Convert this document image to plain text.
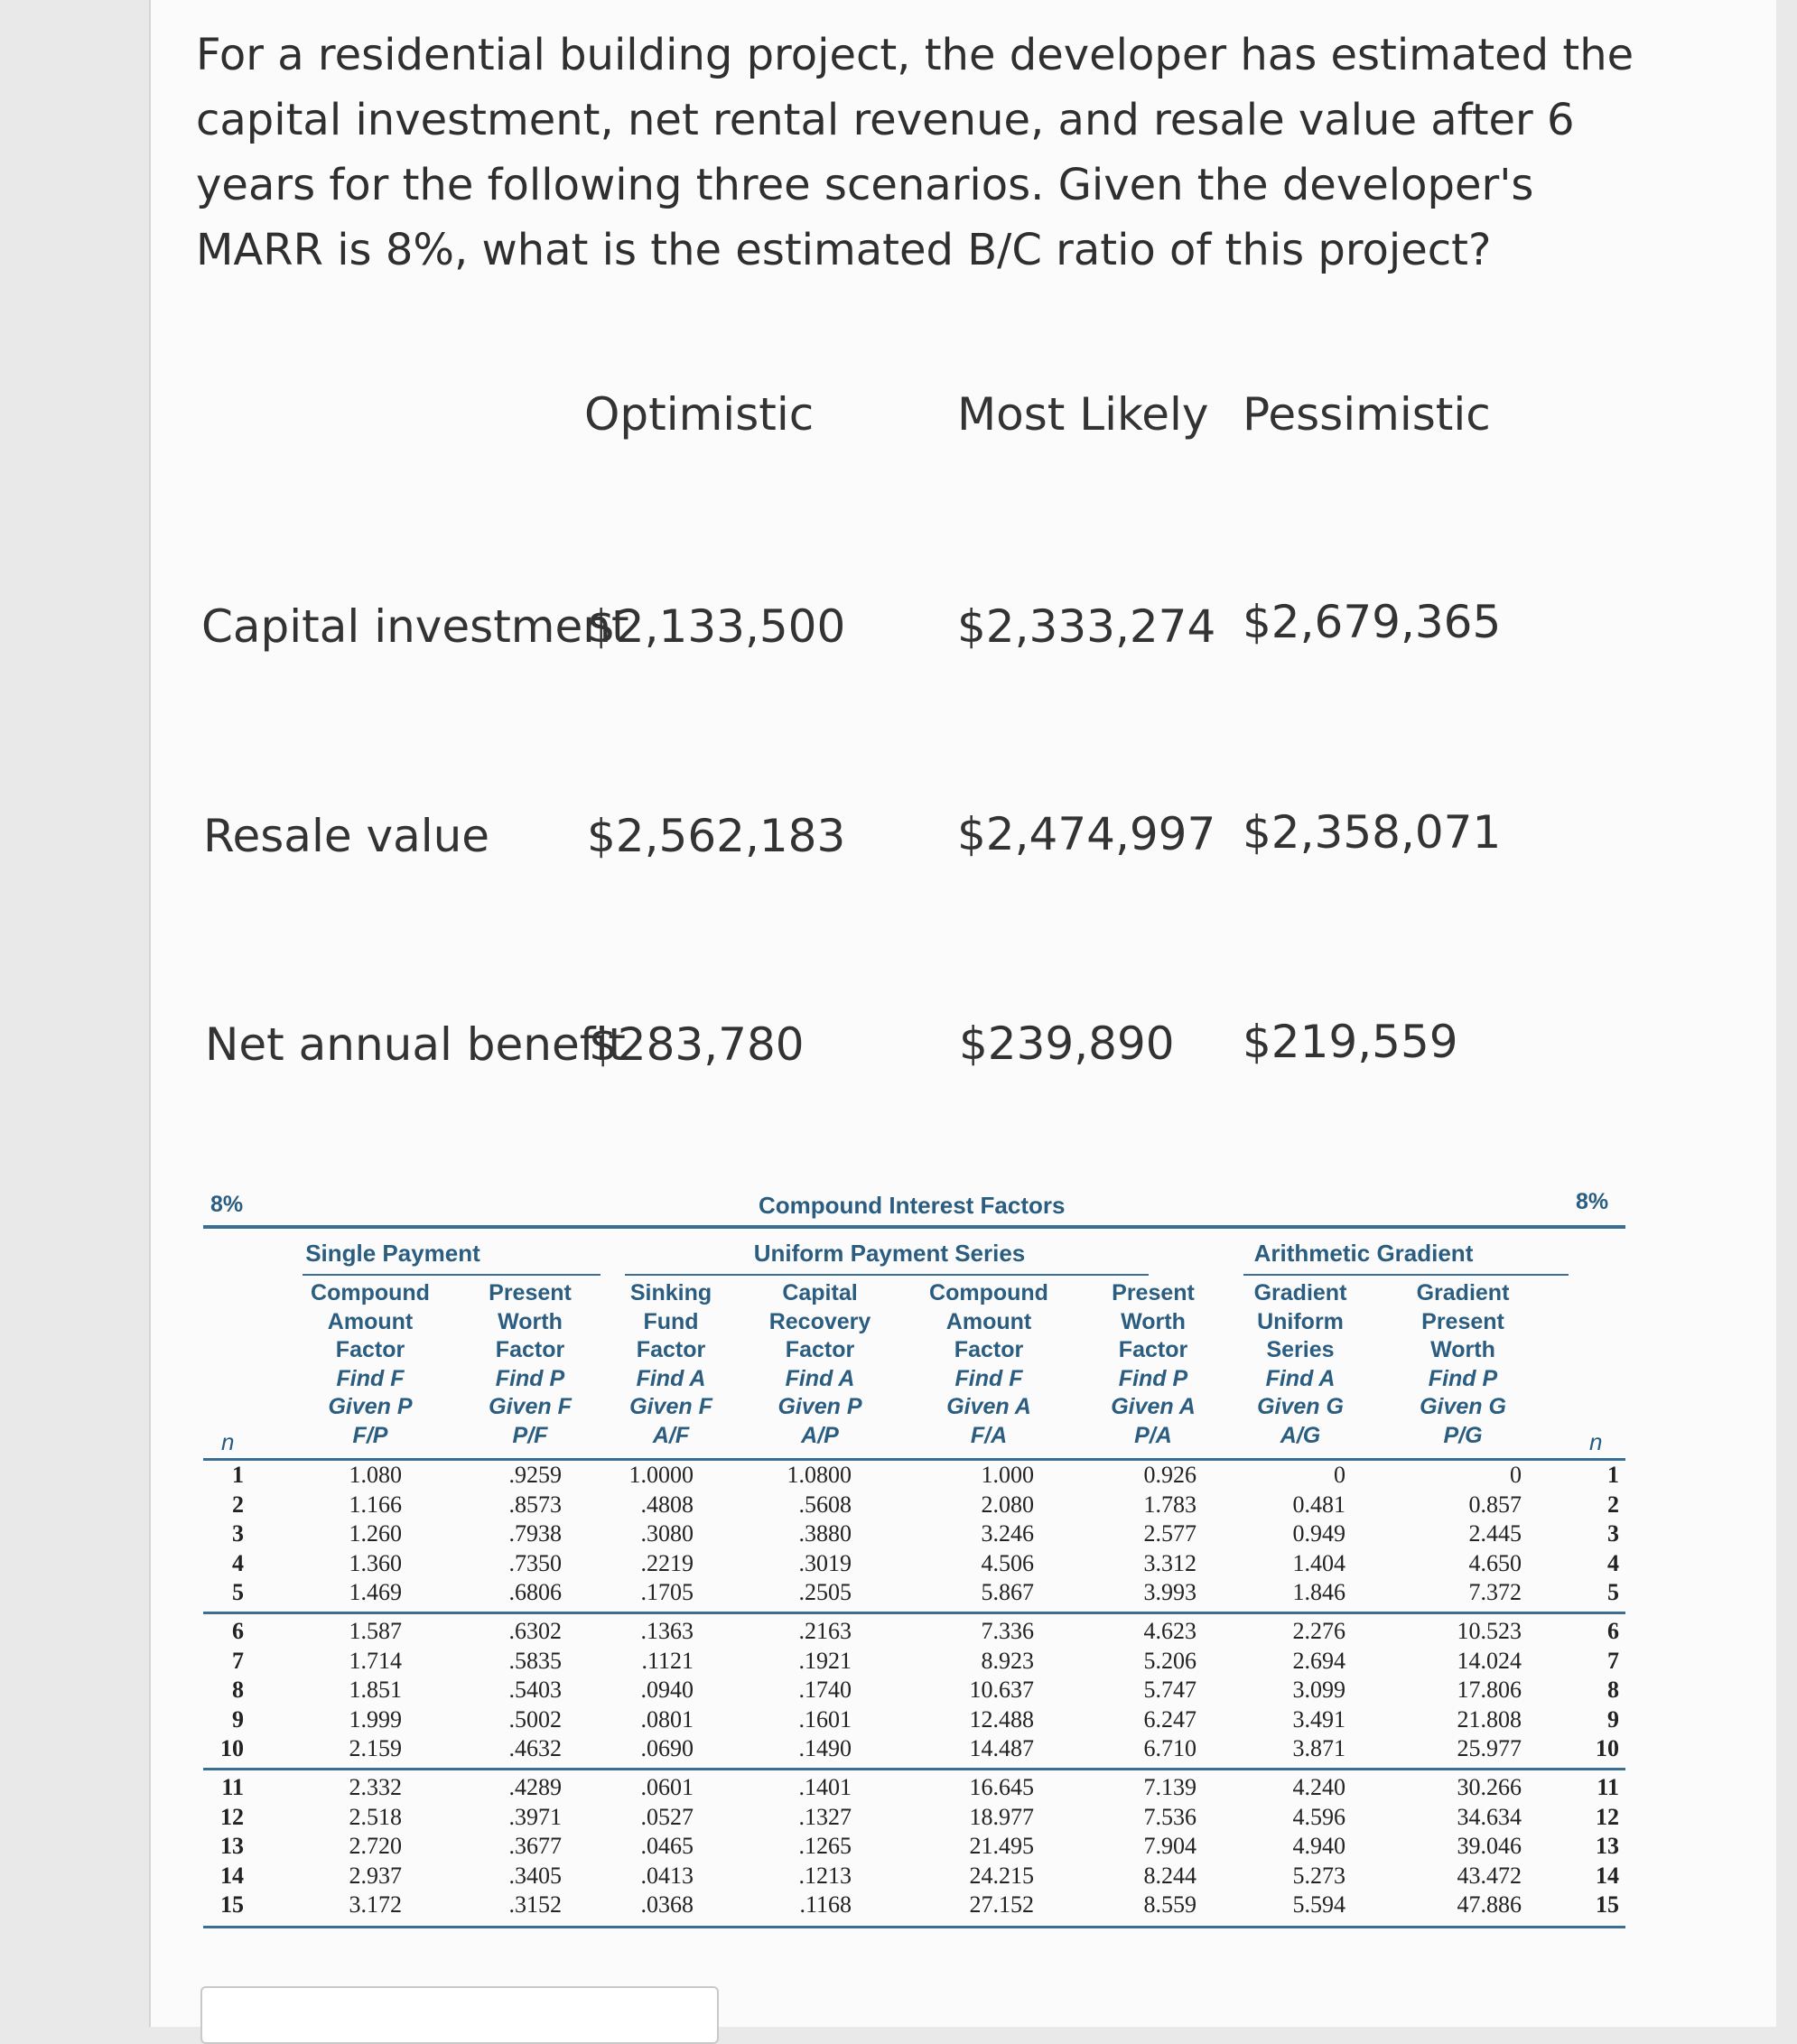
For a residential building project, the developer has estimated the capital investment, net rental revenue, and resale value after 6 years for the following three scenarios. Given the developer's MARR is 8%, what is the estimated B/C ratio of this project?
Optimistic	Most Likely Pessimistic
Capital investment
$2,133,500 $2,333,274 $2,679,365
Resale value $2,562,183 $2,474,997 $2,358,071
Net annual benefit
$283,780	$239,890 $219,559
8%	Compound Interest Factors	8%
Single Payment	Uniform Payment Series	Arithmetic Gradient
Compound
Amount
Factor
Find F
Given P
F/P
Present
Worth
Factor
Find P
Given F
P/F
Sinking
Fund
Factor
Find A
Given F
A/F
Capital
Recovery
Factor
Find A
Given P
A/P
Compound
Amount
Factor
Find F
Given A
F/A
Present
Worth
Factor
Find P
Given A
P/A
Gradient
Uniform
Series
Find A
Given G
A/G
Gradient
Present
Worth
Find P
Given G
P/G
n	n
1	1.080	.9259	1.0000	1.0800	1.000	0.926	0	0	1
2	1.166	.8573	.4808	.5608	2.080	1.783	0.481	0.857	2
3	1.260	.7938	.3080	.3880	3.246	2.577	0.949	2.445	3
4	1.360	.7350	.2219	.3019	4.506	3.312	1.404	4.650	4
5	1.469	.6806	.1705	.2505	5.867	3.993	1.846	7.372	5
6	1.587	.6302	.1363	.2163	7.336	4.623	2.276	10.523	6
7	1.714	.5835	.1121	.1921	8.923	5.206	2.694	14.024	7
8	1.851	.5403	.0940	.1740	10.637	5.747	3.099	17.806	8
9	1.999	.5002	.0801	.1601	12.488	6.247	3.491	21.808	9
10	2.159	.4632	.0690	.1490	14.487	6.710	3.871	25.977	10
11	2.332	.4289	.0601	.1401	16.645	7.139	4.240	30.266	11
12	2.518	.3971	.0527	.1327	18.977	7.536	4.596	34.634	12
13	2.720	.3677	.0465	.1265	21.495	7.904	4.940	39.046	13
14	2.937	.3405	.0413	.1213	24.215	8.244	5.273	43.472	14
15	3.172	.3152	.0368	.1168	27.152	8.559	5.594	47.886	15
